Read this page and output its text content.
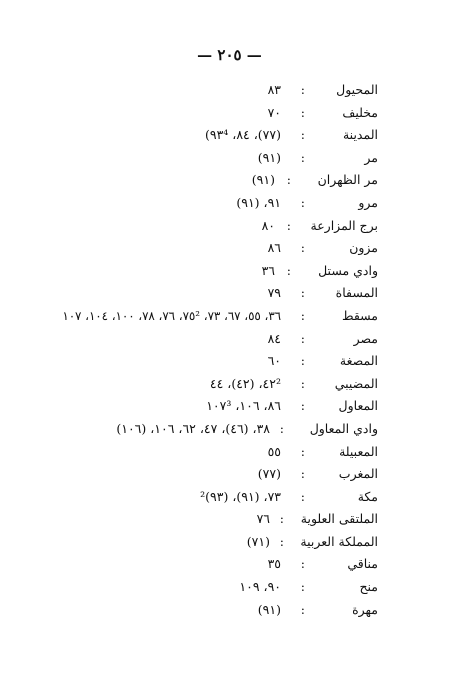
— ٢٠٥ —
المحيول
:
٨٣
مخليف
:
٧٠
المدينة
:
(٧٧)، ٨٤، ٩٣⁴)
مر
:
(٩١)
مر الظهران
:
(٩١)
مرو
:
٩١، (٩١)
برج المزارعة
:
٨٠
مزون
:
٨٦
وادي مستل
:
٣٦
المسفاة
:
٧٩
مسقط
:
٣٦، ٥٥، ٦٧، ٧٣، ٧٥²، ٧٦، ٧٨، ١٠٠، ١٠٤، ١٠٧
مصر
:
٨٤
المصغة
:
٦٠
المضيبي
:
٤٢²، (٤٢)، ٤٤
المعاول
:
٨٦، ١٠٦، ١٠٧³
وادي المعاول
:
٣٨، (٤٦)، ٤٧، ٦٢، ١٠٦، (١٠٦)
المعبيلة
:
٥٥
المغرب
:
(٧٧)
مكة
:
٧٣، (٩١)، (٩٣)²
الملتقى العلوية
:
٧٦
المملكة العربية
:
(٧١)
مناقي
:
٣٥
منح
:
٩٠، ١٠٩
مهرة
:
(٩١)
